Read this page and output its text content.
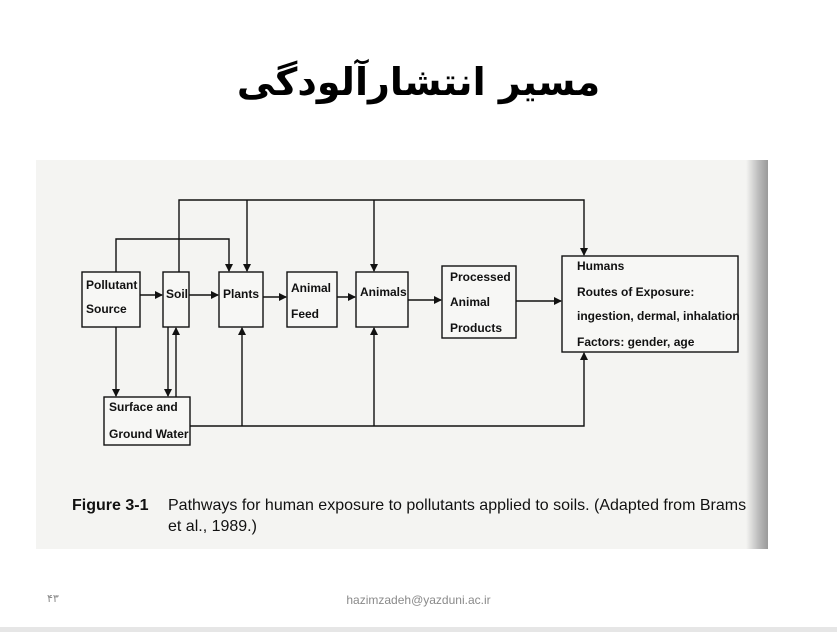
مسیر انتشارآلودگی
Pollutant Source
Soil	Plants	Animal Feed
Animals
Processed Animal Products
Humans Routes of Exposure: ingestion, dermal, inhalation Factors: gender, age
Surface and Ground Water
Figure 3-1 Pathways for human exposure to pollutants applied to soils. (Adapted from Brams et al., 1989.)
۴۳	hazimzadeh@yazduni.ac.ir
